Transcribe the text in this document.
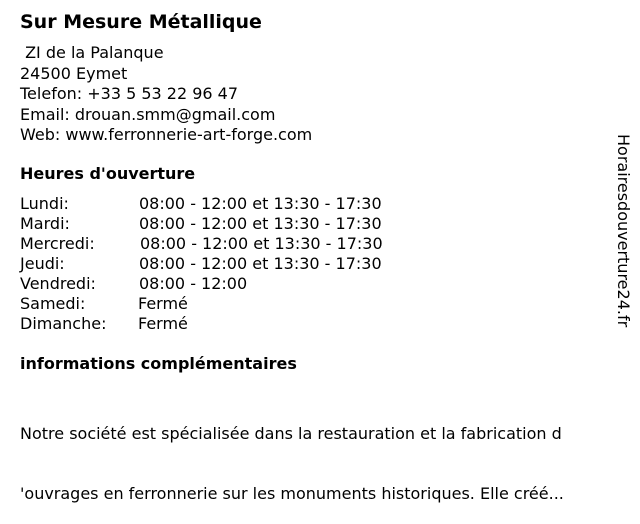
Sur Mesure Métallique
ZI de la Palanque
24500 Eymet
Telefon: +33 5 53 22 96 47
Email: drouan.smm@gmail.com
Web: www.ferronnerie-art-forge.com
Heures d'ouverture
Lundi:	08:00 - 12:00 et 13:30 - 17:30
Mardi:	08:00 - 12:00 et 13:30 - 17:30
Mercredi:	08:00 - 12:00 et 13:30 - 17:30
Jeudi:	08:00 - 12:00 et 13:30 - 17:30
Vendredi:	08:00 - 12:00
Samedi:	Fermé
Dimanche: Fermé
informations complémentaires

Notre société est spécialisée dans la restauration et la fabrication d

'ouvrages en ferronnerie sur les monuments historiques. Elle créé...

Horairesdouverture24.fr
